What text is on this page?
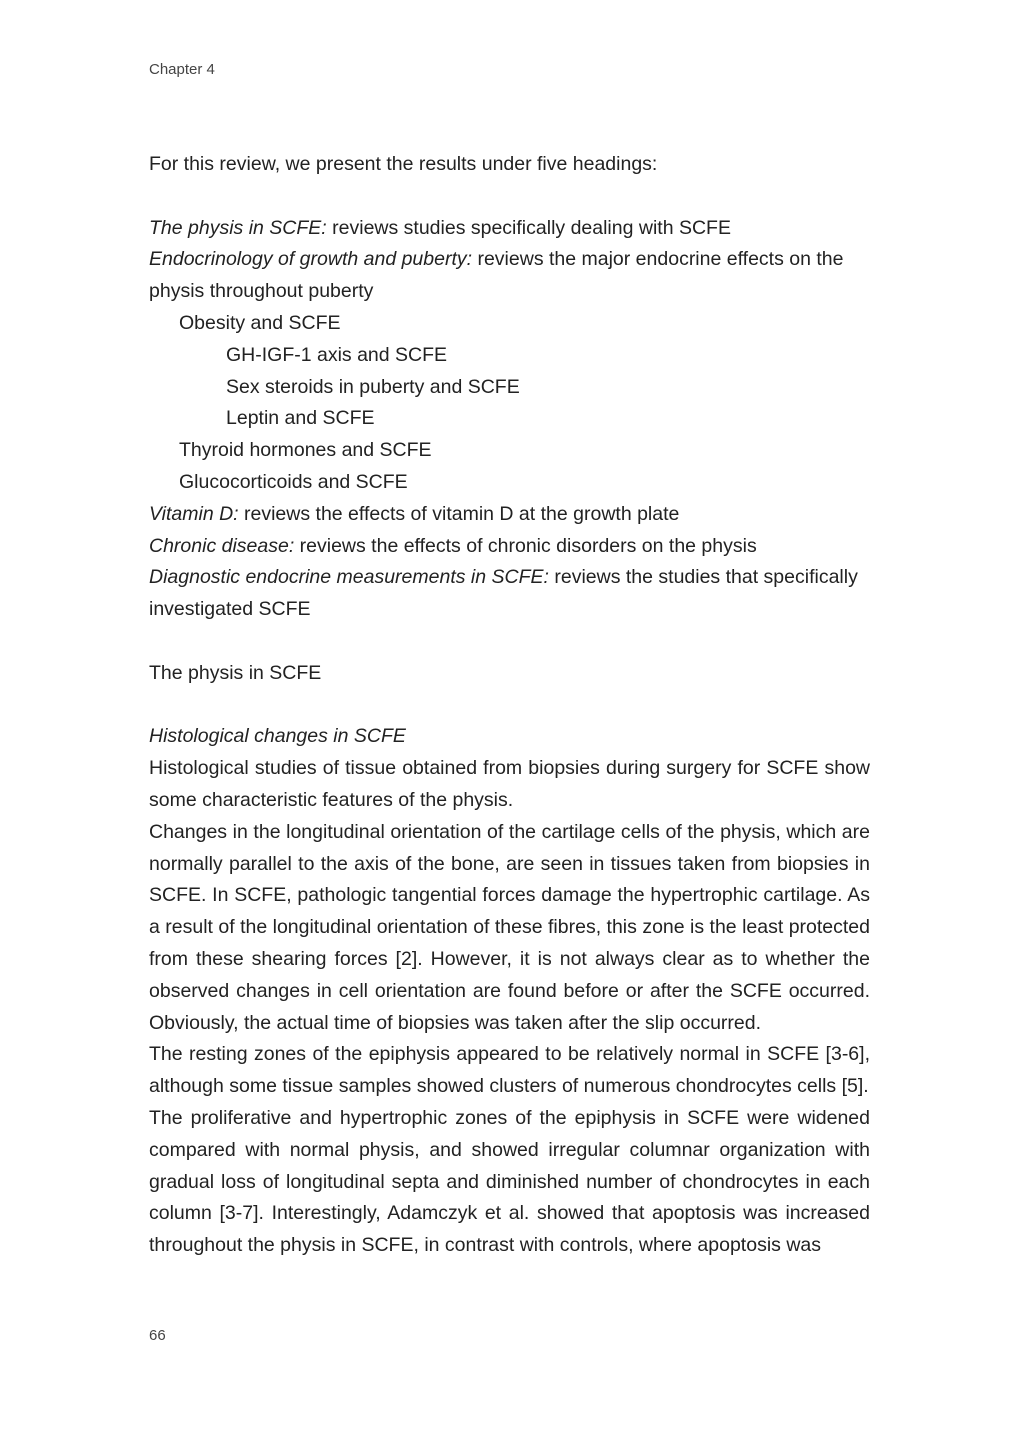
Chapter 4
For this review, we present the results under five headings:
The physis in SCFE: reviews studies specifically dealing with SCFE
Endocrinology of growth and puberty: reviews the major endocrine effects on the
physis throughout puberty
Obesity and SCFE
GH-IGF-1 axis and SCFE
Sex steroids in puberty and SCFE
Leptin and SCFE
Thyroid hormones and SCFE
Glucocorticoids and SCFE
Vitamin D: reviews the effects of vitamin D at the growth plate
Chronic disease: reviews the effects of chronic disorders on the physis
Diagnostic endocrine measurements in SCFE: reviews the studies that specifically
investigated SCFE
The physis in SCFE
Histological changes in SCFE

Histological studies of tissue obtained from biopsies during surgery for SCFE show some characteristic features of the physis.

Changes in the longitudinal orientation of the cartilage cells of the physis, which are normally parallel to the axis of the bone, are seen in tissues taken from biopsies in SCFE. In SCFE, pathologic tangential forces damage the hypertrophic cartilage. As a result of the longitudinal orientation of these fibres, this zone is the least protected from these shearing forces [2]. However, it is not always clear as to whether the observed changes in cell orientation are found before or after the SCFE occurred. Obviously, the actual time of biopsies was taken after the slip occurred.

The resting zones of the epiphysis appeared to be relatively normal in SCFE [3-6], although some tissue samples showed clusters of numerous chondrocytes cells [5].

The proliferative and hypertrophic zones of the epiphysis in SCFE were widened compared with normal physis, and showed irregular columnar organization with gradual loss of longitudinal septa and diminished number of chondrocytes in each column [3-7]. Interestingly, Adamczyk et al. showed that apoptosis was increased throughout the physis in SCFE, in contrast with controls, where apoptosis was

66
